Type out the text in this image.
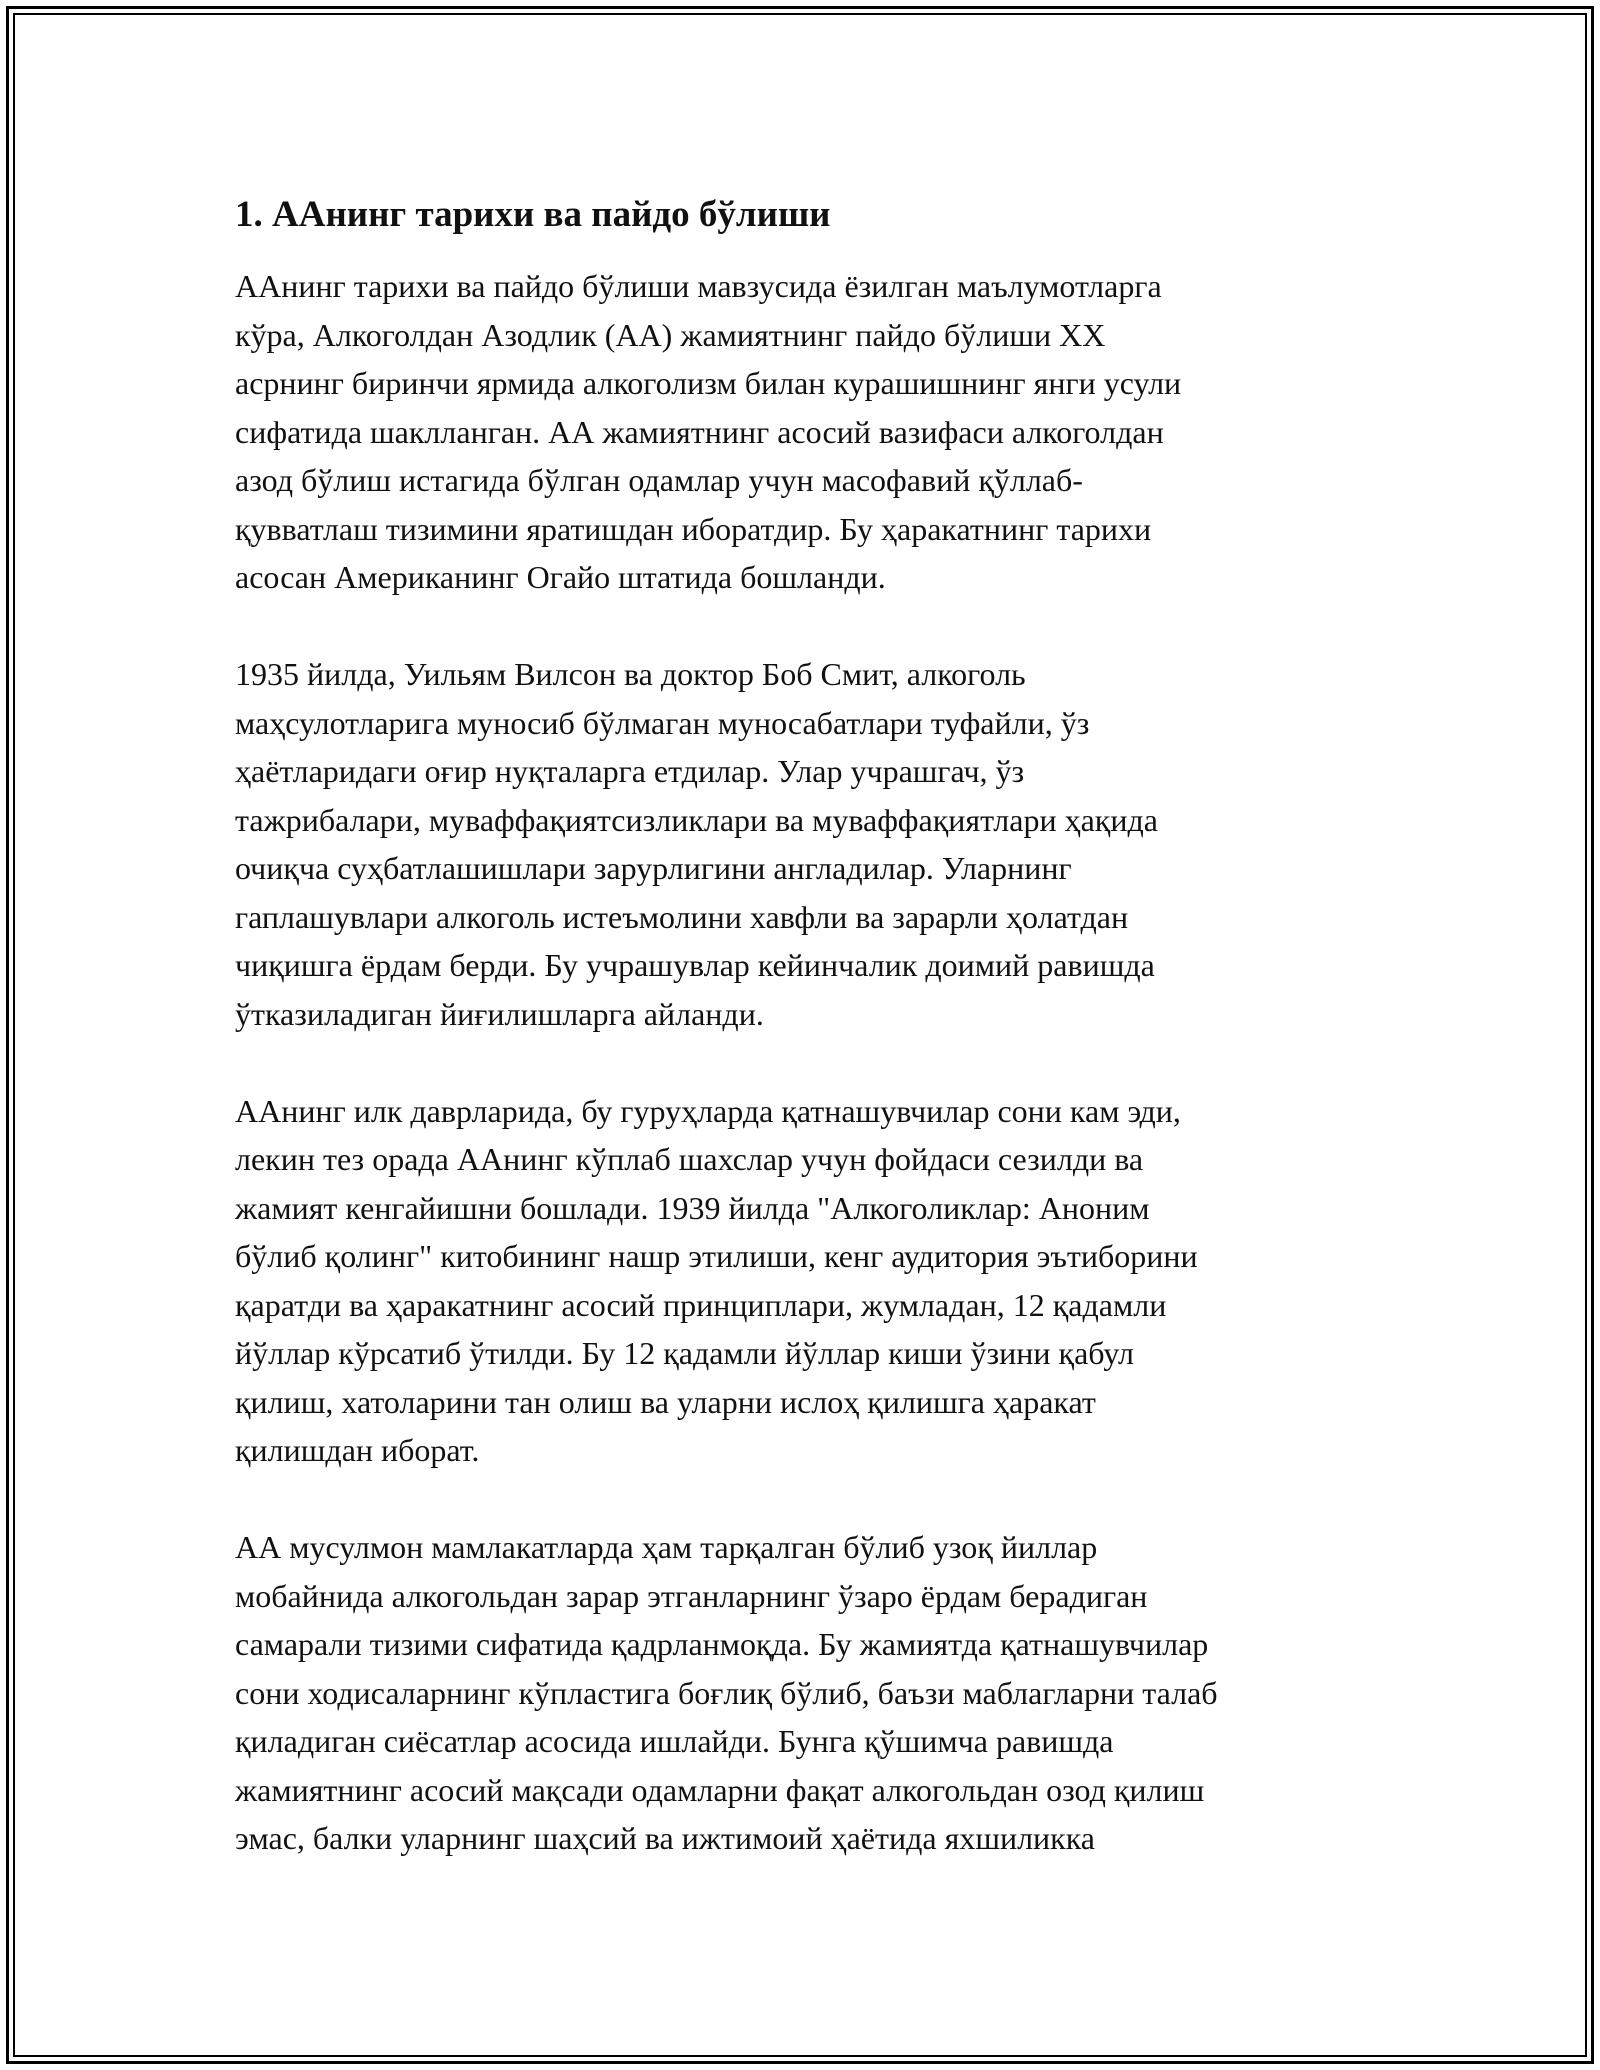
1. ААнинг тарихи ва пайдо бўлиши

ААнинг тарихи ва пайдо бўлиши мавзусида ёзилган маълумотларга
кўра, Алкоголдан Азодлик (АА) жамиятнинг пайдо бўлиши XX
асрнинг биринчи ярмида алкоголизм билан курашишнинг янги усули
сифатида шаклланган. АА жамиятнинг асосий вазифаси алкоголдан
азод бўлиш истагида бўлган одамлар учун масофавий қўллаб-
қувватлаш тизимини яратишдан иборатдир. Бу ҳаракатнинг тарихи
асосан Американинг Огайо штатида бошланди.

1935 йилда, Уильям Вилсон ва доктор Боб Смит, алкоголь
маҳсулотларига муносиб бўлмаган муносабатлари туфайли, ўз
ҳаётларидаги оғир нуқталарга етдилар. Улар учрашгач, ўз
тажрибалари, муваффақиятсизликлари ва муваффақиятлари ҳақида
очиқча суҳбатлашишлари зарурлигини англадилар. Уларнинг
гаплашувлари алкоголь истеъмолини хавфли ва зарарли ҳолатдан
чиқишга ёрдам берди. Бу учрашувлар кейинчалик доимий равишда
ўтказиладиган йиғилишларга айланди.

ААнинг илк даврларида, бу гуруҳларда қатнашувчилар сони кам эди,
лекин тез орада ААнинг кўплаб шахслар учун фойдаси сезилди ва
жамият кенгайишни бошлади. 1939 йилда "Алкоголиклар: Аноним
бўлиб қолинг" китобининг нашр этилиши, кенг аудитория эътиборини
қаратди ва ҳаракатнинг асосий принциплари, жумладан, 12 қадамли
йўллар кўрсатиб ўтилди. Бу 12 қадамли йўллар киши ўзини қабул
қилиш, хатоларини тан олиш ва уларни ислоҳ қилишга ҳаракат
қилишдан иборат.

АА мусулмон мамлакатларда ҳам тарқалган бўлиб узоқ йиллар
мобайнида алкогольдан зарар этганларнинг ўзаро ёрдам берадиган
самарали тизими сифатида қадрланмоқда. Бу жамиятда қатнашувчилар
сони ходисаларнинг кўпластига боғлиқ бўлиб, баъзи маблагларни талаб
қиладиган сиёсатлар асосида ишлайди. Бунга қўшимча равишда
жамиятнинг асосий мақсади одамларни фақат алкогольдан озод қилиш
эмас, балки уларнинг шаҳсий ва ижтимоий ҳаётида яхшиликка
